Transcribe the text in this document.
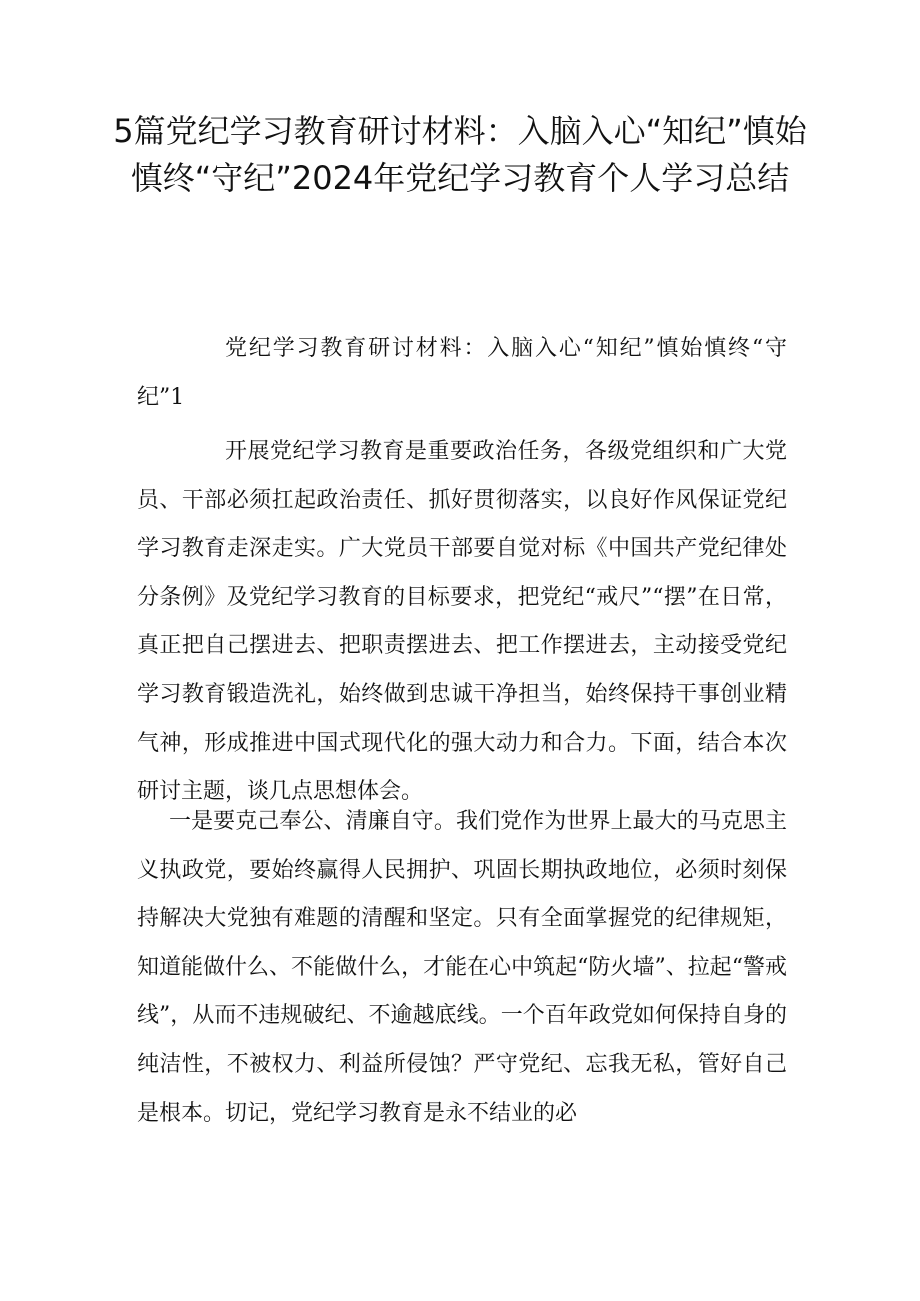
5篇党纪学习教育研讨材料：入脑入心“知纪”慎始慎终“守纪”2024年党纪学习教育个人学习总结

党纪学习教育研讨材料：入脑入心“知纪”慎始慎终“守纪”1

开展党纪学习教育是重要政治任务，各级党组织和广大党员、干部必须扛起政治责任、抓好贯彻落实，以良好作风保证党纪学习教育走深走实。广大党员干部要自觉对标《中国共产党纪律处分条例》及党纪学习教育的目标要求，把党纪“戒尺”“摆”在日常，真正把自己摆进去、把职责摆进去、把工作摆进去，主动接受党纪学习教育锻造洗礼，始终做到忠诚干净担当，始终保持干事创业精气神，形成推进中国式现代化的强大动力和合力。下面，结合本次研讨主题，谈几点思想体会。

一是要克己奉公、清廉自守。我们党作为世界上最大的马克思主义执政党，要始终赢得人民拥护、巩固长期执政地位，必须时刻保持解决大党独有难题的清醒和坚定。只有全面掌握党的纪律规矩，知道能做什么、不能做什么，才能在心中筑起“防火墙”、拉起“警戒线”，从而不违规破纪、不逾越底线。一个百年政党如何保持自身的纯洁性，不被权力、利益所侵蚀？严守党纪、忘我无私，管好自己是根本。切记，党纪学习教育是永不结业的必
